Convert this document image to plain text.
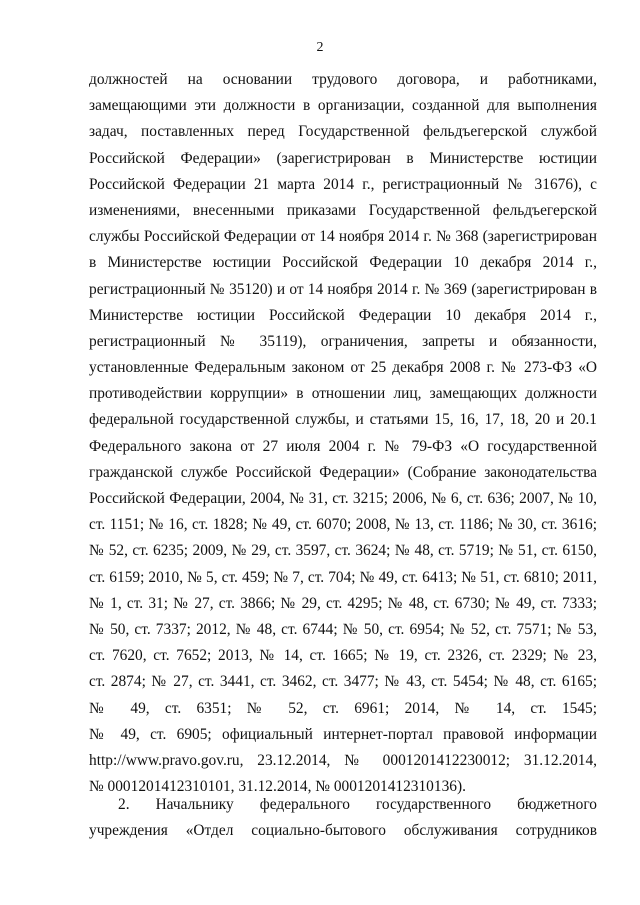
2
должностей на основании трудового договора, и работниками,
замещающими эти должности в организации, созданной для выполнения
задач, поставленных перед Государственной фельдъегерской службой
Российской Федерации» (зарегистрирован в Министерстве юстиции
Российской Федерации 21 марта 2014 г., регистрационный № 31676), с
изменениями, внесенными приказами Государственной фельдъегерской
службы Российской Федерации от 14 ноября 2014 г. № 368 (зарегистрирован
в Министерстве юстиции Российской Федерации 10 декабря 2014 г.,
регистрационный № 35120) и от 14 ноября 2014 г. № 369 (зарегистрирован в
Министерстве юстиции Российской Федерации 10 декабря 2014 г.,
регистрационный № 35119), ограничения, запреты и обязанности,
установленные Федеральным законом от 25 декабря 2008 г. № 273-ФЗ «О
противодействии коррупции» в отношении лиц, замещающих должности
федеральной государственной службы, и статьями 15, 16, 17, 18, 20 и 20.1
Федерального закона от 27 июля 2004 г. № 79-ФЗ «О государственной
гражданской службе Российской Федерации» (Собрание законодательства
Российской Федерации, 2004, № 31, ст. 3215; 2006, № 6, ст. 636; 2007, № 10,
ст. 1151; № 16, ст. 1828; № 49, ст. 6070; 2008, № 13, ст. 1186; № 30, ст. 3616;
№ 52, ст. 6235; 2009, № 29, ст. 3597, ст. 3624; № 48, ст. 5719; № 51, ст. 6150,
ст. 6159; 2010, № 5, ст. 459; № 7, ст. 704; № 49, ст. 6413; № 51, ст. 6810; 2011,
№ 1, ст. 31; № 27, ст. 3866; № 29, ст. 4295; № 48, ст. 6730; № 49, ст. 7333;
№ 50, ст. 7337; 2012, № 48, ст. 6744; № 50, ст. 6954; № 52, ст. 7571; № 53,
ст. 7620, ст. 7652; 2013, № 14, ст. 1665; № 19, ст. 2326, ст. 2329; № 23,
ст. 2874; № 27, ст. 3441, ст. 3462, ст. 3477; № 43, ст. 5454; № 48, ст. 6165;
№ 49, ст. 6351; № 52, ст. 6961; 2014, № 14, ст. 1545;
№ 49, ст. 6905; официальный интернет-портал правовой информации
http://www.pravo.gov.ru, 23.12.2014, № 0001201412230012; 31.12.2014,
№ 0001201412310101, 31.12.2014, № 0001201412310136).
2. Начальнику федерального государственного бюджетного
учреждения «Отдел социально-бытового обслуживания сотрудников
